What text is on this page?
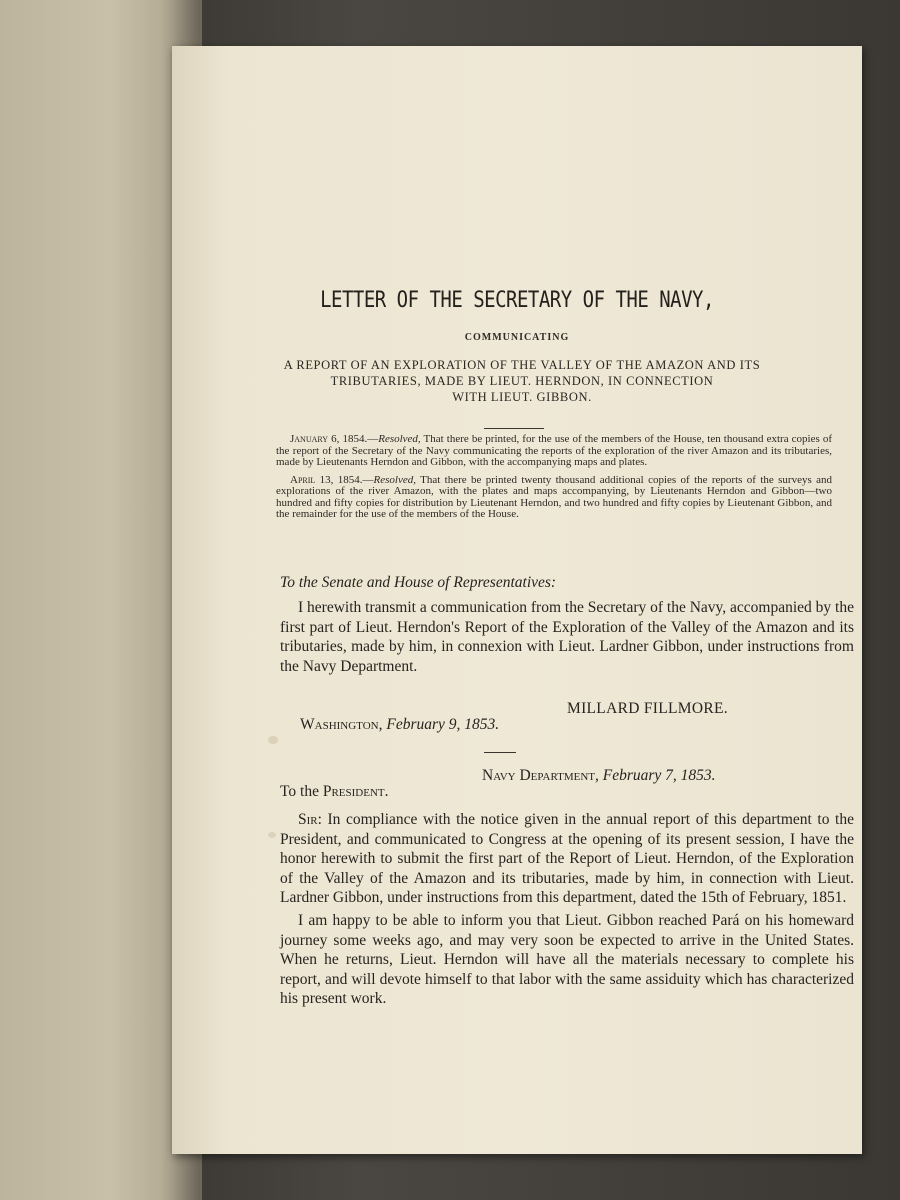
LETTER OF THE SECRETARY OF THE NAVY,
COMMUNICATING
A REPORT OF AN EXPLORATION OF THE VALLEY OF THE AMAZON AND ITS
TRIBUTARIES, MADE BY LIEUT. HERNDON, IN CONNECTION
WITH LIEUT. GIBBON.

January 6, 1854.—Resolved, That there be printed, for the use of the members of the House, ten thousand extra copies of the report of the Secretary of the Navy communicating the reports of the exploration of the river Amazon and its tributaries, made by Lieutenants Herndon and Gibbon, with the accompanying maps and plates.

April 13, 1854.—Resolved, That there be printed twenty thousand additional copies of the reports of the surveys and explorations of the river Amazon, with the plates and maps accompanying, by Lieutenants Herndon and Gibbon—two hundred and fifty copies for distribution by Lieutenant Herndon, and two hundred and fifty copies by Lieutenant Gibbon, and the remainder for the use of the members of the House.

To the Senate and House of Representatives:

I herewith transmit a communication from the Secretary of the Navy, accompanied by the first part of Lieut. Herndon's Report of the Exploration of the Valley of the Amazon and its tributaries, made by him, in connexion with Lieut. Lardner Gibbon, under instructions from the Navy Department.

MILLARD FILLMORE.
Washington, February 9, 1853.
Navy Department, February 7, 1853.
To the President.

Sir: In compliance with the notice given in the annual report of this department to the President, and communicated to Congress at the opening of its present session, I have the honor herewith to submit the first part of the Report of Lieut. Herndon, of the Exploration of the Valley of the Amazon and its tributaries, made by him, in connection with Lieut. Lardner Gibbon, under instructions from this department, dated the 15th of February, 1851.

I am happy to be able to inform you that Lieut. Gibbon reached Pará on his homeward journey some weeks ago, and may very soon be expected to arrive in the United States. When he returns, Lieut. Herndon will have all the materials necessary to complete his report, and will devote himself to that labor with the same assiduity which has characterized his present work.
